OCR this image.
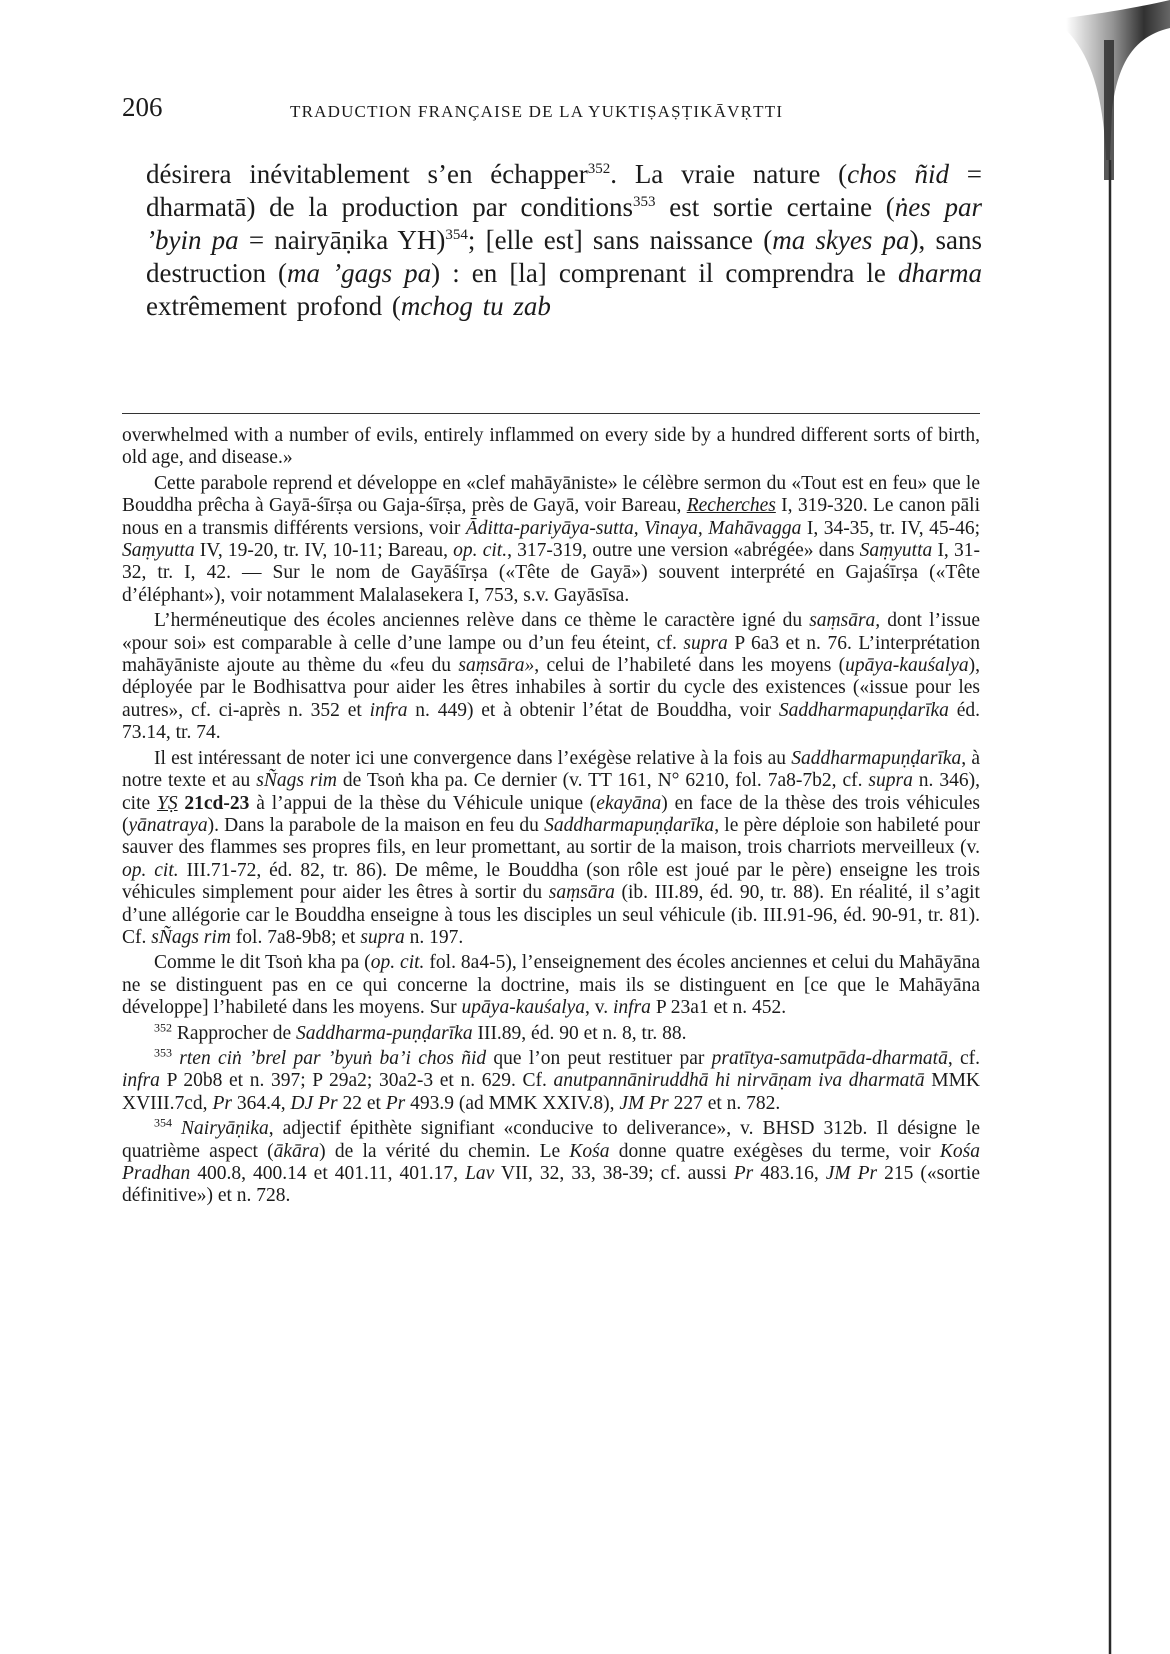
206	TRADUCTION FRANÇAISE DE LA YUKTIṢAṢṬIKĀVṚTTI
désirera inévitablement s’en échapper$^{352}$. La vraie nature (chos ñid = dharmatā) de la production par conditions$^{353}$ est sortie certaine (ṅes par ’byin pa = nairyāṇika YH)$^{354}$; [elle est] sans naissance (ma skyes pa), sans destruction (ma ’gags pa) : en [la] comprenant il comprendra le dharma extrêmement profond (mchog tu zab

overwhelmed with a number of evils, entirely inflammed on every side by a hundred different sorts of birth, old age, and disease.»

Cette parabole reprend et développe en «clef mahāyāniste» le célèbre sermon du «Tout est en feu» que le Bouddha prêcha à Gayā-śīrṣa ou Gaja-śīrṣa, près de Gayā, voir Bareau, Recherches I, 319-320. Le canon pāli nous en a transmis différents versions, voir Āditta-pariyāya-sutta, Vinaya, Mahāvagga I, 34-35, tr. IV, 45-46; Saṃyutta IV, 19-20, tr. IV, 10-11; Bareau, op. cit., 317-319, outre une version «abrégée» dans Saṃyutta I, 31-32, tr. I, 42. — Sur le nom de Gayāśīrṣa («Tête de Gayā») souvent interprété en Gajaśīrṣa («Tête d’éléphant»), voir notamment Malalasekera I, 753, s.v. Gayāsīsa.

L’herméneutique des écoles anciennes relève dans ce thème le caractère igné du saṃsāra, dont l’issue «pour soi» est comparable à celle d’une lampe ou d’un feu éteint, cf. supra P 6a3 et n. 76. L’interprétation mahāyāniste ajoute au thème du «feu du saṃsāra», celui de l’habileté dans les moyens (upāya-kauśalya), déployée par le Bodhisattva pour aider les êtres inhabiles à sortir du cycle des existences («issue pour les autres», cf. ci-après n. 352 et infra n. 449) et à obtenir l’état de Bouddha, voir Saddharmapuṇḍarīka éd. 73.14, tr. 74.

Il est intéressant de noter ici une convergence dans l’exégèse relative à la fois au Saddharmapuṇḍarīka, à notre texte et au sÑags rim de Tsoṅ kha pa. Ce dernier (v. TT 161, N° 6210, fol. 7a8-7b2, cf. supra n. 346), cite YṢ 21cd-23 à l’appui de la thèse du Véhicule unique (ekayāna) en face de la thèse des trois véhicules (yānatraya). Dans la parabole de la maison en feu du Saddharmapuṇḍarīka, le père déploie son habileté pour sauver des flammes ses propres fils, en leur promettant, au sortir de la maison, trois charriots merveilleux (v. op. cit. III.71-72, éd. 82, tr. 86). De même, le Bouddha (son rôle est joué par le père) enseigne les trois véhicules simplement pour aider les êtres à sortir du saṃsāra (ib. III.89, éd. 90, tr. 88). En réalité, il s’agit d’une allégorie car le Bouddha enseigne à tous les disciples un seul véhicule (ib. III.91-96, éd. 90-91, tr. 81). Cf. sÑags rim fol. 7a8-9b8; et supra n. 197.

Comme le dit Tsoṅ kha pa (op. cit. fol. 8a4-5), l’enseignement des écoles anciennes et celui du Mahāyāna ne se distinguent pas en ce qui concerne la doctrine, mais ils se distinguent en [ce que le Mahāyāna développe] l’habileté dans les moyens. Sur upāya-kauśalya, v. infra P 23a1 et n. 452.

$^{352}$ Rapprocher de Saddharma-puṇḍarīka III.89, éd. 90 et n. 8, tr. 88.

$^{353}$ rten ciṅ ’brel par ’byuṅ ba’i chos ñid que l’on peut restituer par pratītya-samutpāda-dharmatā, cf. infra P 20b8 et n. 397; P 29a2; 30a2-3 et n. 629. Cf. anutpannāniruddhā hi nirvāṇam iva dharmatā MMK XVIII.7cd, Pr 364.4, DJ Pr 22 et Pr 493.9 (ad MMK XXIV.8), JM Pr 227 et n. 782.

$^{354}$ Nairyāṇika, adjectif épithète signifiant «conducive to deliverance», v. BHSD 312b. Il désigne le quatrième aspect (ākāra) de la vérité du chemin. Le Kośa donne quatre exégèses du terme, voir Kośa Pradhan 400.8, 400.14 et 401.11, 401.17, Lav VII, 32, 33, 38-39; cf. aussi Pr 483.16, JM Pr 215 («sortie définitive») et n. 728.
